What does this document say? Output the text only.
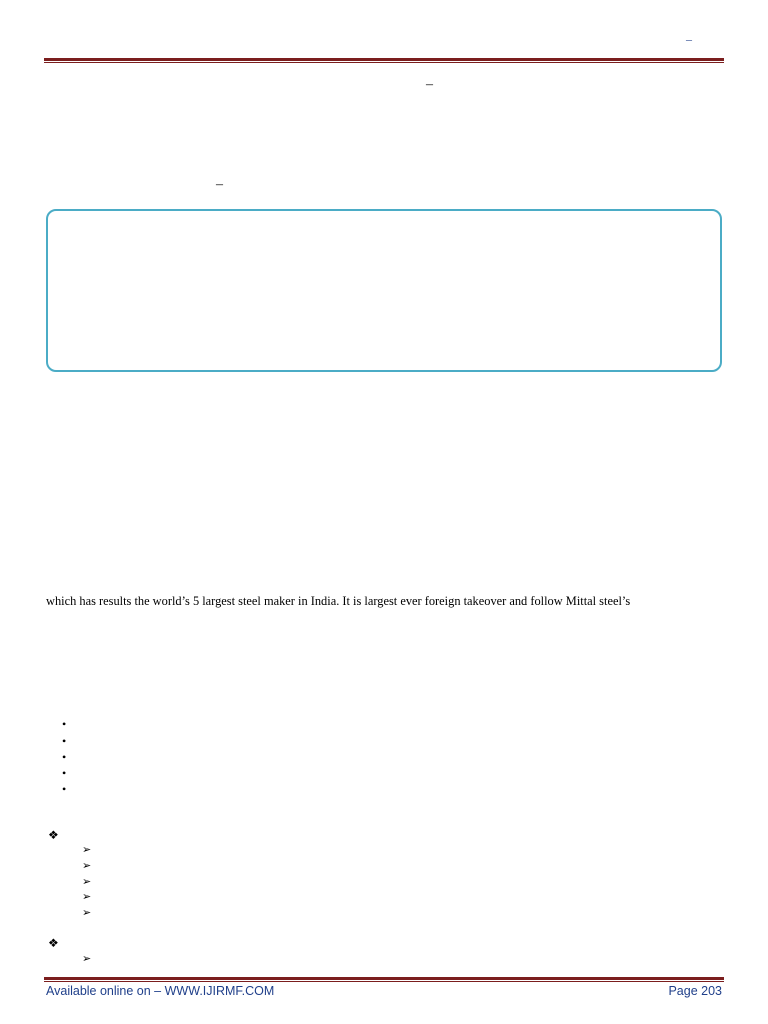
–
–
–
which has results the world’s 5 largest steel maker in India. It is largest ever foreign takeover and follow Mittal steel’s
•
•
•
•
•
❖
➢
➢
➢
➢
➢
❖
➢
Available online on – WWW.IJIRMF.COM	Page 203
